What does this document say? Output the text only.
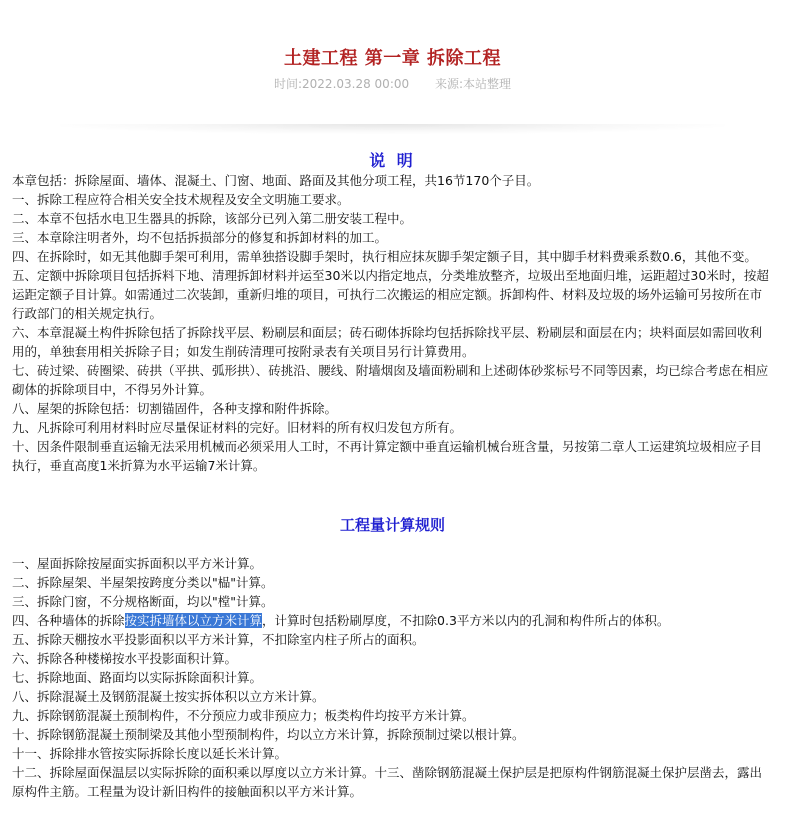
土建工程 第一章 拆除工程
时间:2022.03.28 00:00 来源:本站整理
说 明

本章包括：拆除屋面、墙体、混凝土、门窗、地面、路面及其他分项工程，共16节170个子目。

一、拆除工程应符合相关安全技术规程及安全文明施工要求。

二、本章不包括水电卫生器具的拆除，该部分已列入第二册安装工程中。

三、本章除注明者外，均不包括拆损部分的修复和拆卸材料的加工。

四、在拆除时，如无其他脚手架可利用，需单独搭设脚手架时，执行相应抹灰脚手架定额子目，其中脚手材料费乘系数0.6，其他不变。

五、定额中拆除项目包括拆料下地、清理拆卸材料并运至30米以内指定地点，分类堆放整齐，垃圾出至地面归堆，运距超过30米时，按超运距定额子目计算。如需通过二次装卸，重新归堆的项目，可执行二次搬运的相应定额。拆卸构件、材料及垃圾的场外运输可另按所在市行政部门的相关规定执行。

六、本章混凝土构件拆除包括了拆除找平层、粉刷层和面层；砖石砌体拆除均包括拆除找平层、粉刷层和面层在内；块料面层如需回收利用的，单独套用相关拆除子目；如发生削砖清理可按附录表有关项目另行计算费用。

七、砖过梁、砖圈梁、砖拱（平拱、弧形拱）、砖挑沿、腰线、附墙烟囱及墙面粉刷和上述砌体砂浆标号不同等因素，均已综合考虑在相应砌体的拆除项目中，不得另外计算。

八、屋架的拆除包括：切割锚固件，各种支撑和附件拆除。

九、凡拆除可利用材料时应尽量保证材料的完好。旧材料的所有权归发包方所有。

十、因条件限制垂直运输无法采用机械而必须采用人工时，不再计算定额中垂直运输机械台班含量，另按第二章人工运建筑垃圾相应子目执行，垂直高度1米折算为水平运输7米计算。

工程量计算规则

一、屋面拆除按屋面实拆面积以平方米计算。

二、拆除屋架、半屋架按跨度分类以"榀"计算。

三、拆除门窗，不分规格断面，均以"樘"计算。

四、各种墙体的拆除按实拆墙体以立方米计算，计算时包括粉刷厚度，不扣除0.3平方米以内的孔洞和构件所占的体积。

五、拆除天棚按水平投影面积以平方米计算，不扣除室内柱子所占的面积。

六、拆除各种楼梯按水平投影面积计算。

七、拆除地面、路面均以实际拆除面积计算。

八、拆除混凝土及钢筋混凝土按实拆体积以立方米计算。

九、拆除钢筋混凝土预制构件，不分预应力或非预应力；板类构件均按平方米计算。

十、拆除钢筋混凝土预制梁及其他小型预制构件，均以立方米计算，拆除预制过梁以根计算。

十一、拆除排水管按实际拆除长度以延长米计算。

十二、拆除屋面保温层以实际拆除的面积乘以厚度以立方米计算。十三、凿除钢筋混凝土保护层是把原构件钢筋混凝土保护层凿去，露出原构件主筋。工程量为设计新旧构件的接触面积以平方米计算。
